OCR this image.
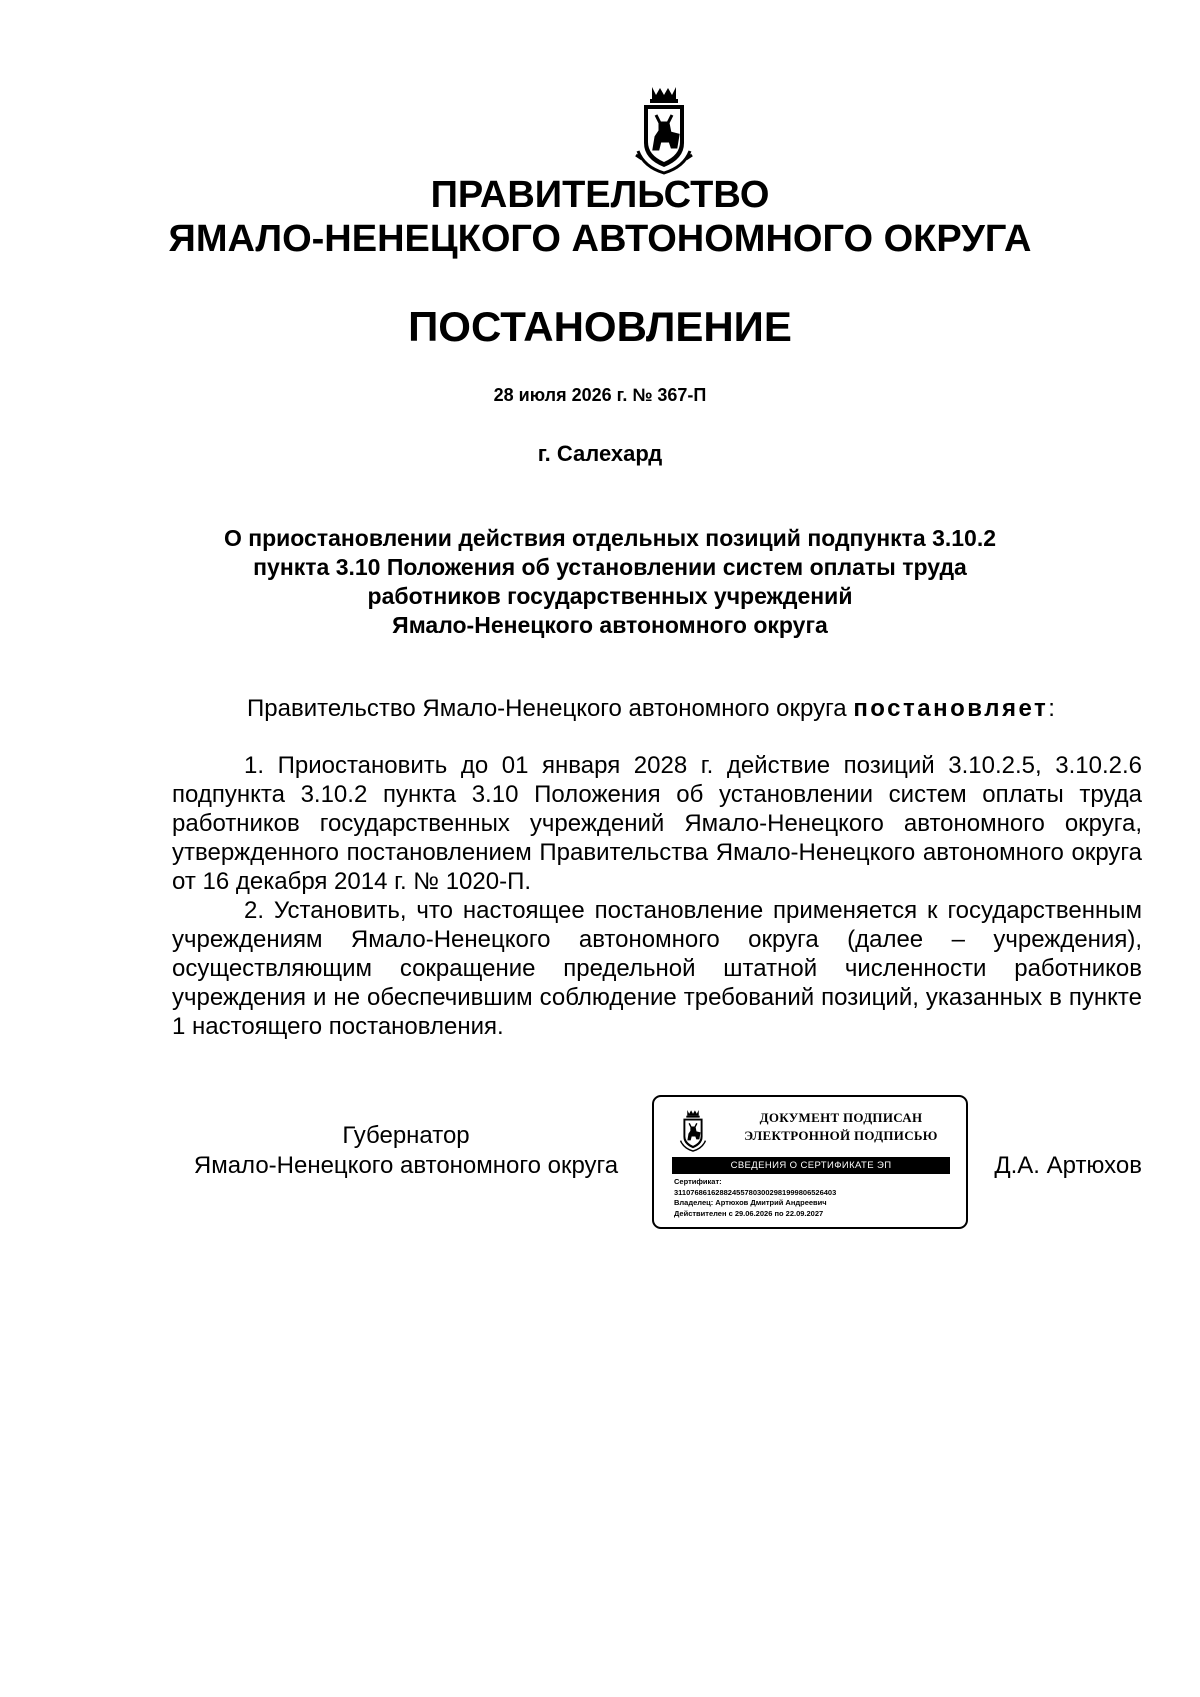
ПРАВИТЕЛЬСТВО
ЯМАЛО-НЕНЕЦКОГО АВТОНОМНОГО ОКРУГА
ПОСТАНОВЛЕНИЕ
28 июля 2026 г. № 367-П
г. Салехард
О приостановлении действия отдельных позиций подпункта 3.10.2
пункта 3.10 Положения об установлении систем оплаты труда
работников государственных учреждений
Ямало-Ненецкого автономного округа
Правительство Ямало-Ненецкого автономного округа постановляет:

1. Приостановить до 01 января 2028 г. действие позиций 3.10.2.5, 3.10.2.6 подпункта 3.10.2 пункта 3.10 Положения об установлении систем оплаты труда работников государственных учреждений Ямало-Ненецкого автономного округа, утвержденного постановлением Правительства Ямало-Ненецкого автономного округа от 16 декабря 2014 г. № 1020-П.

2. Установить, что настоящее постановление применяется к государственным учреждениям Ямало-Ненецкого автономного округа (далее – учреждения), осуществляющим сокращение предельной штатной численности работников учреждения и не обеспечившим соблюдение требований позиций, указанных в пункте 1 настоящего постановления.

Губернатор
Ямало-Ненецкого автономного округа
ДОКУМЕНТ ПОДПИСАН
ЭЛЕКТРОННОЙ ПОДПИСЬЮ
СВЕДЕНИЯ О СЕРТИФИКАТЕ ЭП
Сертификат:
311076861628824557803002981999806526403
Владелец: Артюхов Дмитрий Андреевич
Действителен с 29.06.2026 по 22.09.2027
Д.А. Артюхов
